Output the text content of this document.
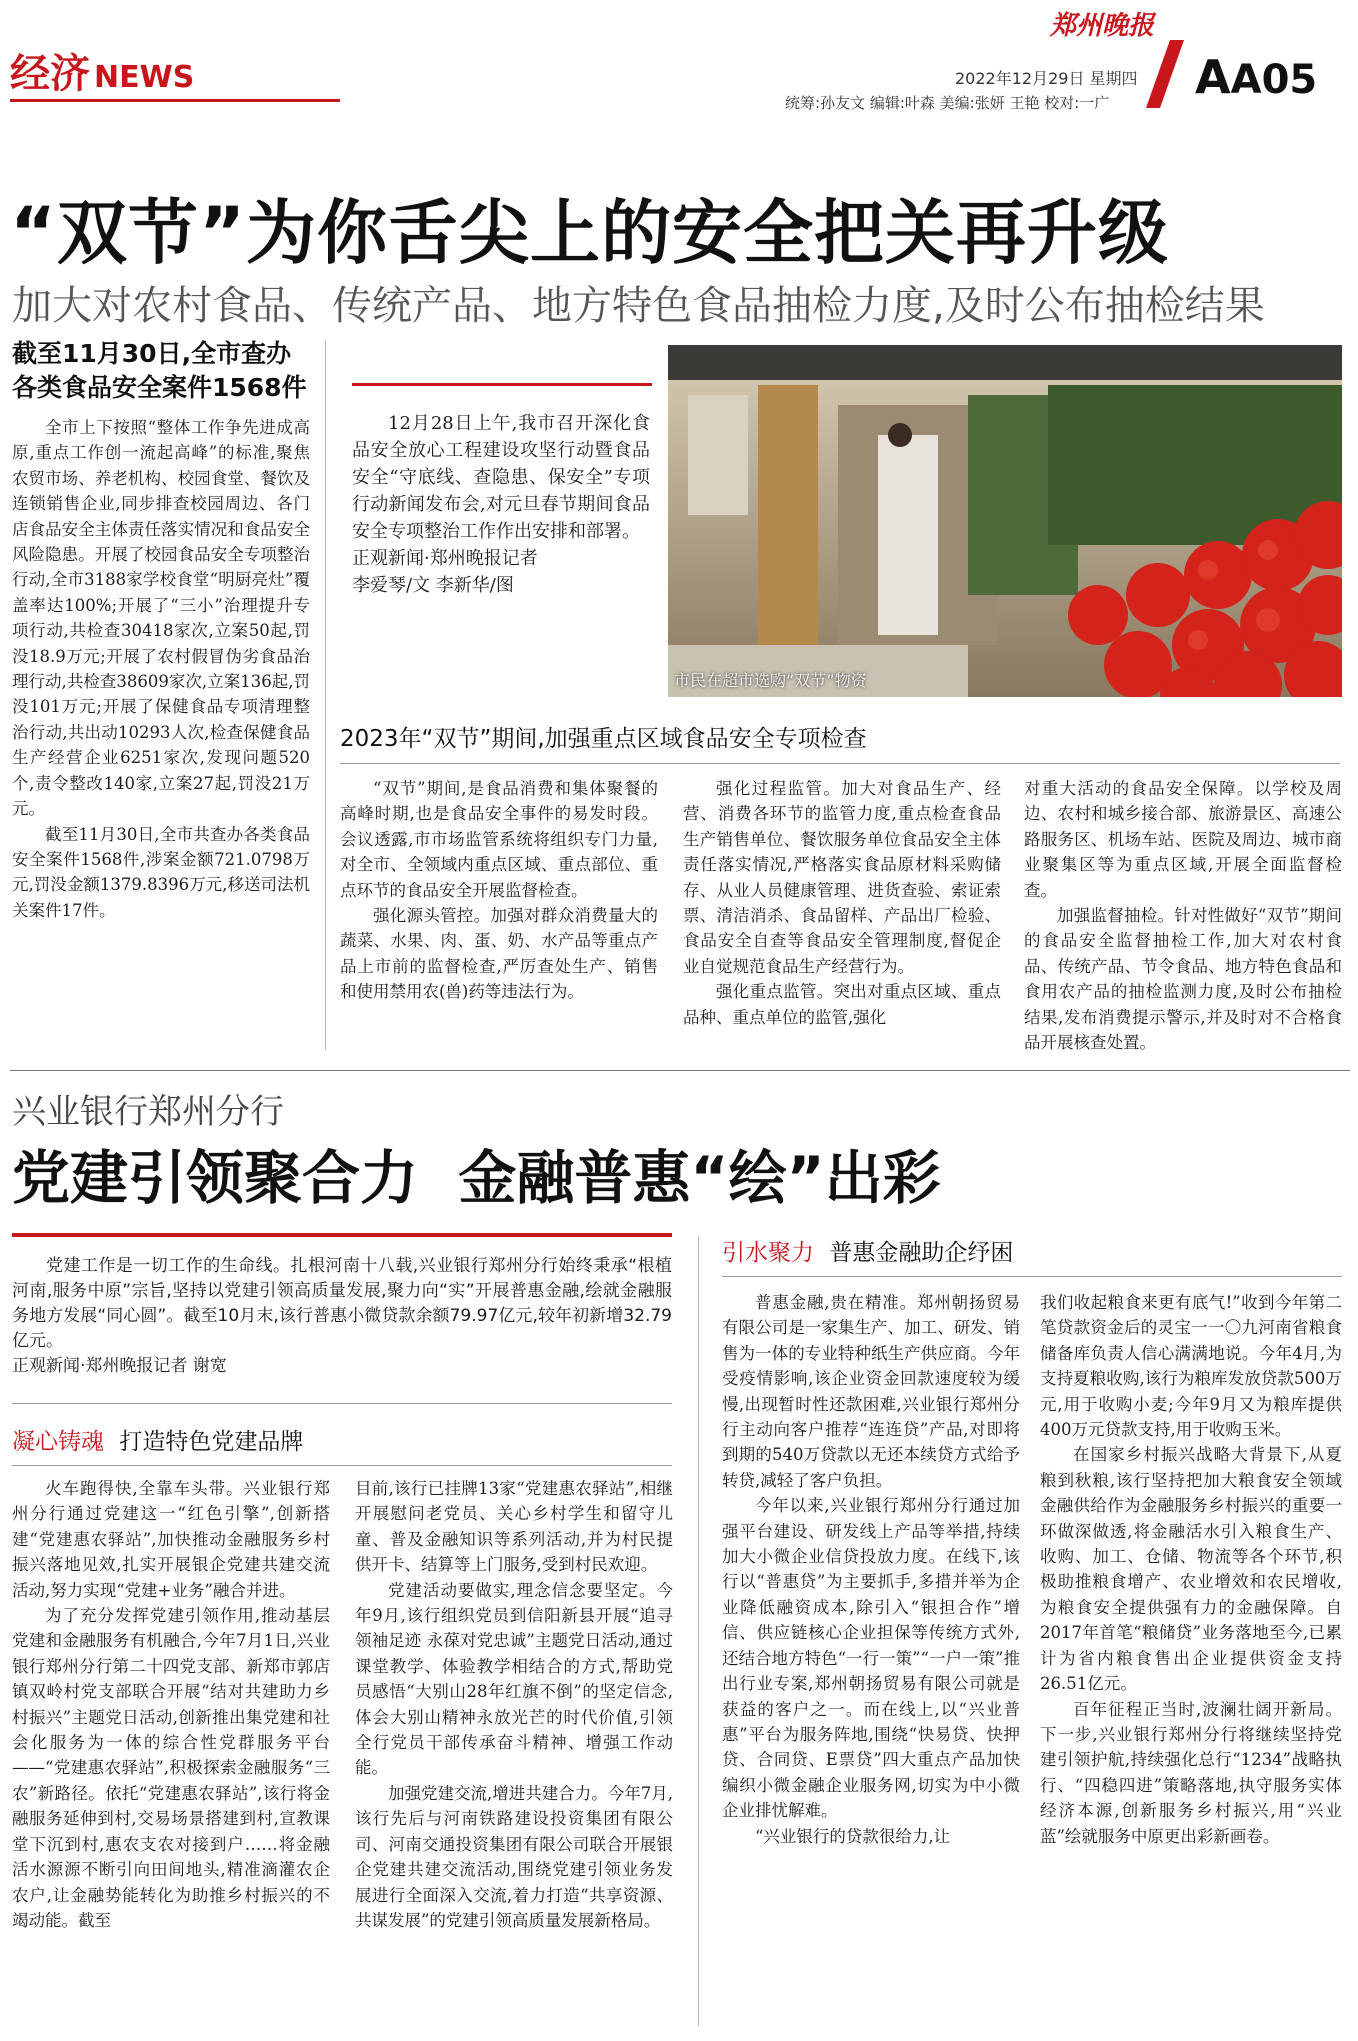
经济 NEWS
郑州晚报
2022年12月29日 星期四
统筹:孙友文 编辑:叶森 美编:张妍 王艳 校对:一广 AA05
“双节”为你舌尖上的安全把关再升级
加大对农村食品、传统产品、地方特色食品抽检力度,及时公布抽检结果
截至11月30日,全市查办
各类食品安全案件1568件
全市上下按照“整体工作争先进成高原,重点工作创一流起高峰”的标准,聚焦农贸市场、养老机构、校园食堂、餐饮及连锁销售企业,同步排查校园周边、各门店食品安全主体责任落实情况和食品安全风险隐患。开展了校园食品安全专项整治行动,全市3188家学校食堂“明厨亮灶”覆盖率达100%;开展了“三小”治理提升专项行动,共检查30418家次,立案50起,罚没18.9万元;开展了农村假冒伪劣食品治理行动,共检查38609家次,立案136起,罚没101万元;开展了保健食品专项清理整治行动,共出动10293人次,检查保健食品生产经营企业6251家次,发现问题520个,责令整改140家,立案27起,罚没21万元。
截至11月30日,全市共查办各类食品安全案件1568件,涉案金额721.0798万元,罚没金额1379.8396万元,移送司法机关案件17件。
12月28日上午,我市召开深化食品安全放心工程建设攻坚行动暨食品安全“守底线、查隐患、保安全”专项行动新闻发布会,对元旦春节期间食品安全专项整治工作作出安排和部署。
正观新闻·郑州晚报记者
李爱琴/文 李新华/图
市民在超市选购“双节”物资
2023年“双节”期间,加强重点区域食品安全专项检查
“双节”期间,是食品消费和集体聚餐的高峰时期,也是食品安全事件的易发时段。会议透露,市市场监管系统将组织专门力量,对全市、全领域内重点区域、重点部位、重点环节的食品安全开展监督检查。
强化源头管控。加强对群众消费量大的蔬菜、水果、肉、蛋、奶、水产品等重点产品上市前的监督检查,严厉查处生产、销售和使用禁用农(兽)药等违法行为。
强化过程监管。加大对食品生产、经营、消费各环节的监管力度,重点检查食品生产销售单位、餐饮服务单位食品安全主体责任落实情况,严格落实食品原材料采购储存、从业人员健康管理、进货查验、索证索票、清洁消杀、食品留样、产品出厂检验、食品安全自查等食品安全管理制度,督促企业自觉规范食品生产经营行为。
强化重点监管。突出对重点区域、重点品种、重点单位的监管,强化
对重大活动的食品安全保障。以学校及周边、农村和城乡接合部、旅游景区、高速公路服务区、机场车站、医院及周边、城市商业聚集区等为重点区域,开展全面监督检查。
加强监督抽检。针对性做好“双节”期间的食品安全监督抽检工作,加大对农村食品、传统产品、节令食品、地方特色食品和食用农产品的抽检监测力度,及时公布抽检结果,发布消费提示警示,并及时对不合格食品开展核查处置。
兴业银行郑州分行
党建引领聚合力  金融普惠“绘”出彩
党建工作是一切工作的生命线。扎根河南十八载,兴业银行郑州分行始终秉承“根植河南,服务中原”宗旨,坚持以党建引领高质量发展,聚力向“实”开展普惠金融,绘就金融服务地方发展“同心圆”。截至10月末,该行普惠小微贷款余额79.97亿元,较年初新增32.79亿元。
正观新闻·郑州晚报记者 谢宽
凝心铸魂 打造特色党建品牌
引水聚力 普惠金融助企纾困
火车跑得快,全靠车头带。兴业银行郑州分行通过党建这一“红色引擎”,创新搭建“党建惠农驿站”,加快推动金融服务乡村振兴落地见效,扎实开展银企党建共建交流活动,努力实现“党建+业务”融合并进。
为了充分发挥党建引领作用,推动基层党建和金融服务有机融合,今年7月1日,兴业银行郑州分行第二十四党支部、新郑市郭店镇双岭村党支部联合开展“结对共建助力乡村振兴”主题党日活动,创新推出集党建和社会化服务为一体的综合性党群服务平台——“党建惠农驿站”,积极探索金融服务“三农”新路径。依托“党建惠农驿站”,该行将金融服务延伸到村,交易场景搭建到村,宣教课堂下沉到村,惠农支农对接到户……将金融活水源源不断引向田间地头,精准滴灌农企农户,让金融势能转化为助推乡村振兴的不竭动能。截至
目前,该行已挂牌13家“党建惠农驿站”,相继开展慰问老党员、关心乡村学生和留守儿童、普及金融知识等系列活动,并为村民提供开卡、结算等上门服务,受到村民欢迎。
党建活动要做实,理念信念要坚定。今年9月,该行组织党员到信阳新县开展“追寻领袖足迹 永葆对党忠诚”主题党日活动,通过课堂教学、体验教学相结合的方式,帮助党员感悟“大别山28年红旗不倒”的坚定信念,体会大别山精神永放光芒的时代价值,引领全行党员干部传承奋斗精神、增强工作动能。
加强党建交流,增进共建合力。今年7月,该行先后与河南铁路建设投资集团有限公司、河南交通投资集团有限公司联合开展银企党建共建交流活动,围绕党建引领业务发展进行全面深入交流,着力打造“共享资源、共谋发展”的党建引领高质量发展新格局。
普惠金融,贵在精准。郑州朝扬贸易有限公司是一家集生产、加工、研发、销售为一体的专业特种纸生产供应商。今年受疫情影响,该企业资金回款速度较为缓慢,出现暂时性还款困难,兴业银行郑州分行主动向客户推荐“连连贷”产品,对即将到期的540万贷款以无还本续贷方式给予转贷,减轻了客户负担。
今年以来,兴业银行郑州分行通过加强平台建设、研发线上产品等举措,持续加大小微企业信贷投放力度。在线下,该行以“普惠贷”为主要抓手,多措并举为企业降低融资成本,除引入“银担合作”增信、供应链核心企业担保等传统方式外,还结合地方特色“一行一策”“一户一策”推出行业专案,郑州朝扬贸易有限公司就是获益的客户之一。而在线上,以“兴业普惠”平台为服务阵地,围绕“快易贷、快押贷、合同贷、E票贷”四大重点产品加快编织小微金融企业服务网,切实为中小微企业排忧解难。
“兴业银行的贷款很给力,让
我们收起粮食来更有底气!”收到今年第二笔贷款资金后的灵宝一一〇九河南省粮食储备库负责人信心满满地说。今年4月,为支持夏粮收购,该行为粮库发放贷款500万元,用于收购小麦;今年9月又为粮库提供400万元贷款支持,用于收购玉米。
在国家乡村振兴战略大背景下,从夏粮到秋粮,该行坚持把加大粮食安全领域金融供给作为金融服务乡村振兴的重要一环做深做透,将金融活水引入粮食生产、收购、加工、仓储、物流等各个环节,积极助推粮食增产、农业增效和农民增收,为粮食安全提供强有力的金融保障。自2017年首笔“粮储贷”业务落地至今,已累计为省内粮食售出企业提供资金支持26.51亿元。
百年征程正当时,波澜壮阔开新局。下一步,兴业银行郑州分行将继续坚持党建引领护航,持续强化总行“1234”战略执行、“四稳四进”策略落地,执守服务实体经济本源,创新服务乡村振兴,用“兴业蓝”绘就服务中原更出彩新画卷。
